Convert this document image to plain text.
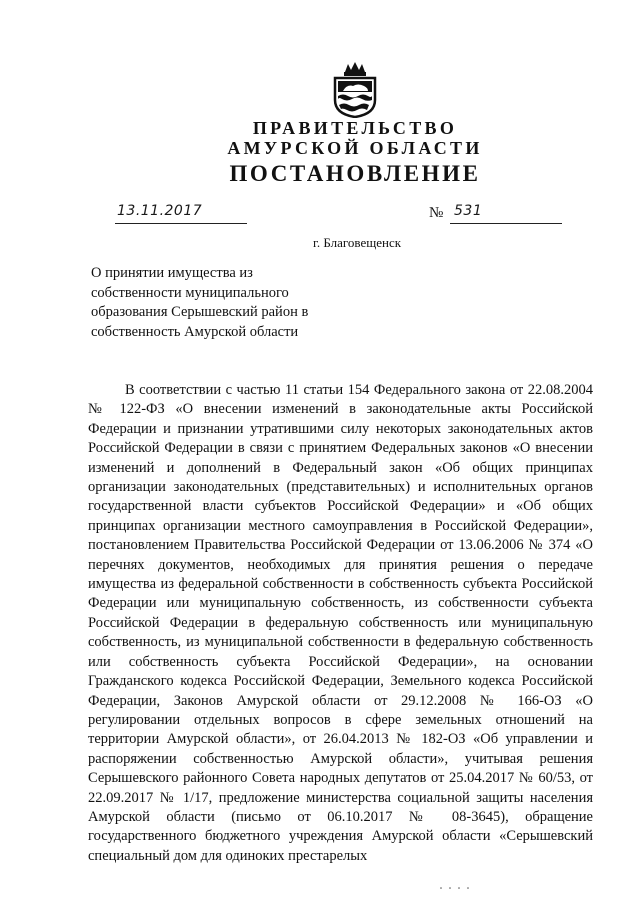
ПРАВИТЕЛЬСТВО
АМУРСКОЙ ОБЛАСТИ
ПОСТАНОВЛЕНИЕ
13.11.2017	№ 531
г. Благовещенск
О принятии имущества из
собственности муниципального
образования Серышевский район в
собственность Амурской области

В соответствии с частью 11 статьи 154 Федерального закона от 22.08.2004 № 122-ФЗ «О внесении изменений в законодательные акты Российской Федерации и признании утратившими силу некоторых законодательных актов Российской Федерации в связи с принятием Федеральных законов «О внесении изменений и дополнений в Федеральный закон «Об общих принципах организации законодательных (представительных) и исполнительных органов государственной власти субъектов Российской Федерации» и «Об общих принципах организации местного самоуправления в Российской Федерации», постановлением Правительства Российской Федерации от 13.06.2006 № 374 «О перечнях документов, необходимых для принятия решения о передаче имущества из федеральной собственности в собственность субъекта Российской Федерации или муниципальную собственность, из собственности субъекта Российской Федерации в федеральную собственность или муниципальную собственность, из муниципальной собственности в федеральную собственность или собственность субъекта Российской Федерации», на основании Гражданского кодекса Российской Федерации, Земельного кодекса Российской Федерации, Законов Амурской области от 29.12.2008 № 166-ОЗ «О регулировании отдельных вопросов в сфере земельных отношений на территории Амурской области», от 26.04.2013 № 182-ОЗ «Об управлении и распоряжении собственностью Амурской области», учитывая решения Серышевского районного Совета народных депутатов от 25.04.2017 № 60/53, от 22.09.2017 № 1/17, предложение министерства социальной защиты населения Амурской области (письмо от 06.10.2017 № 08-3645), обращение государственного бюджетного учреждения Амурской области «Серышевский специальный дом для одиноких престарелых
